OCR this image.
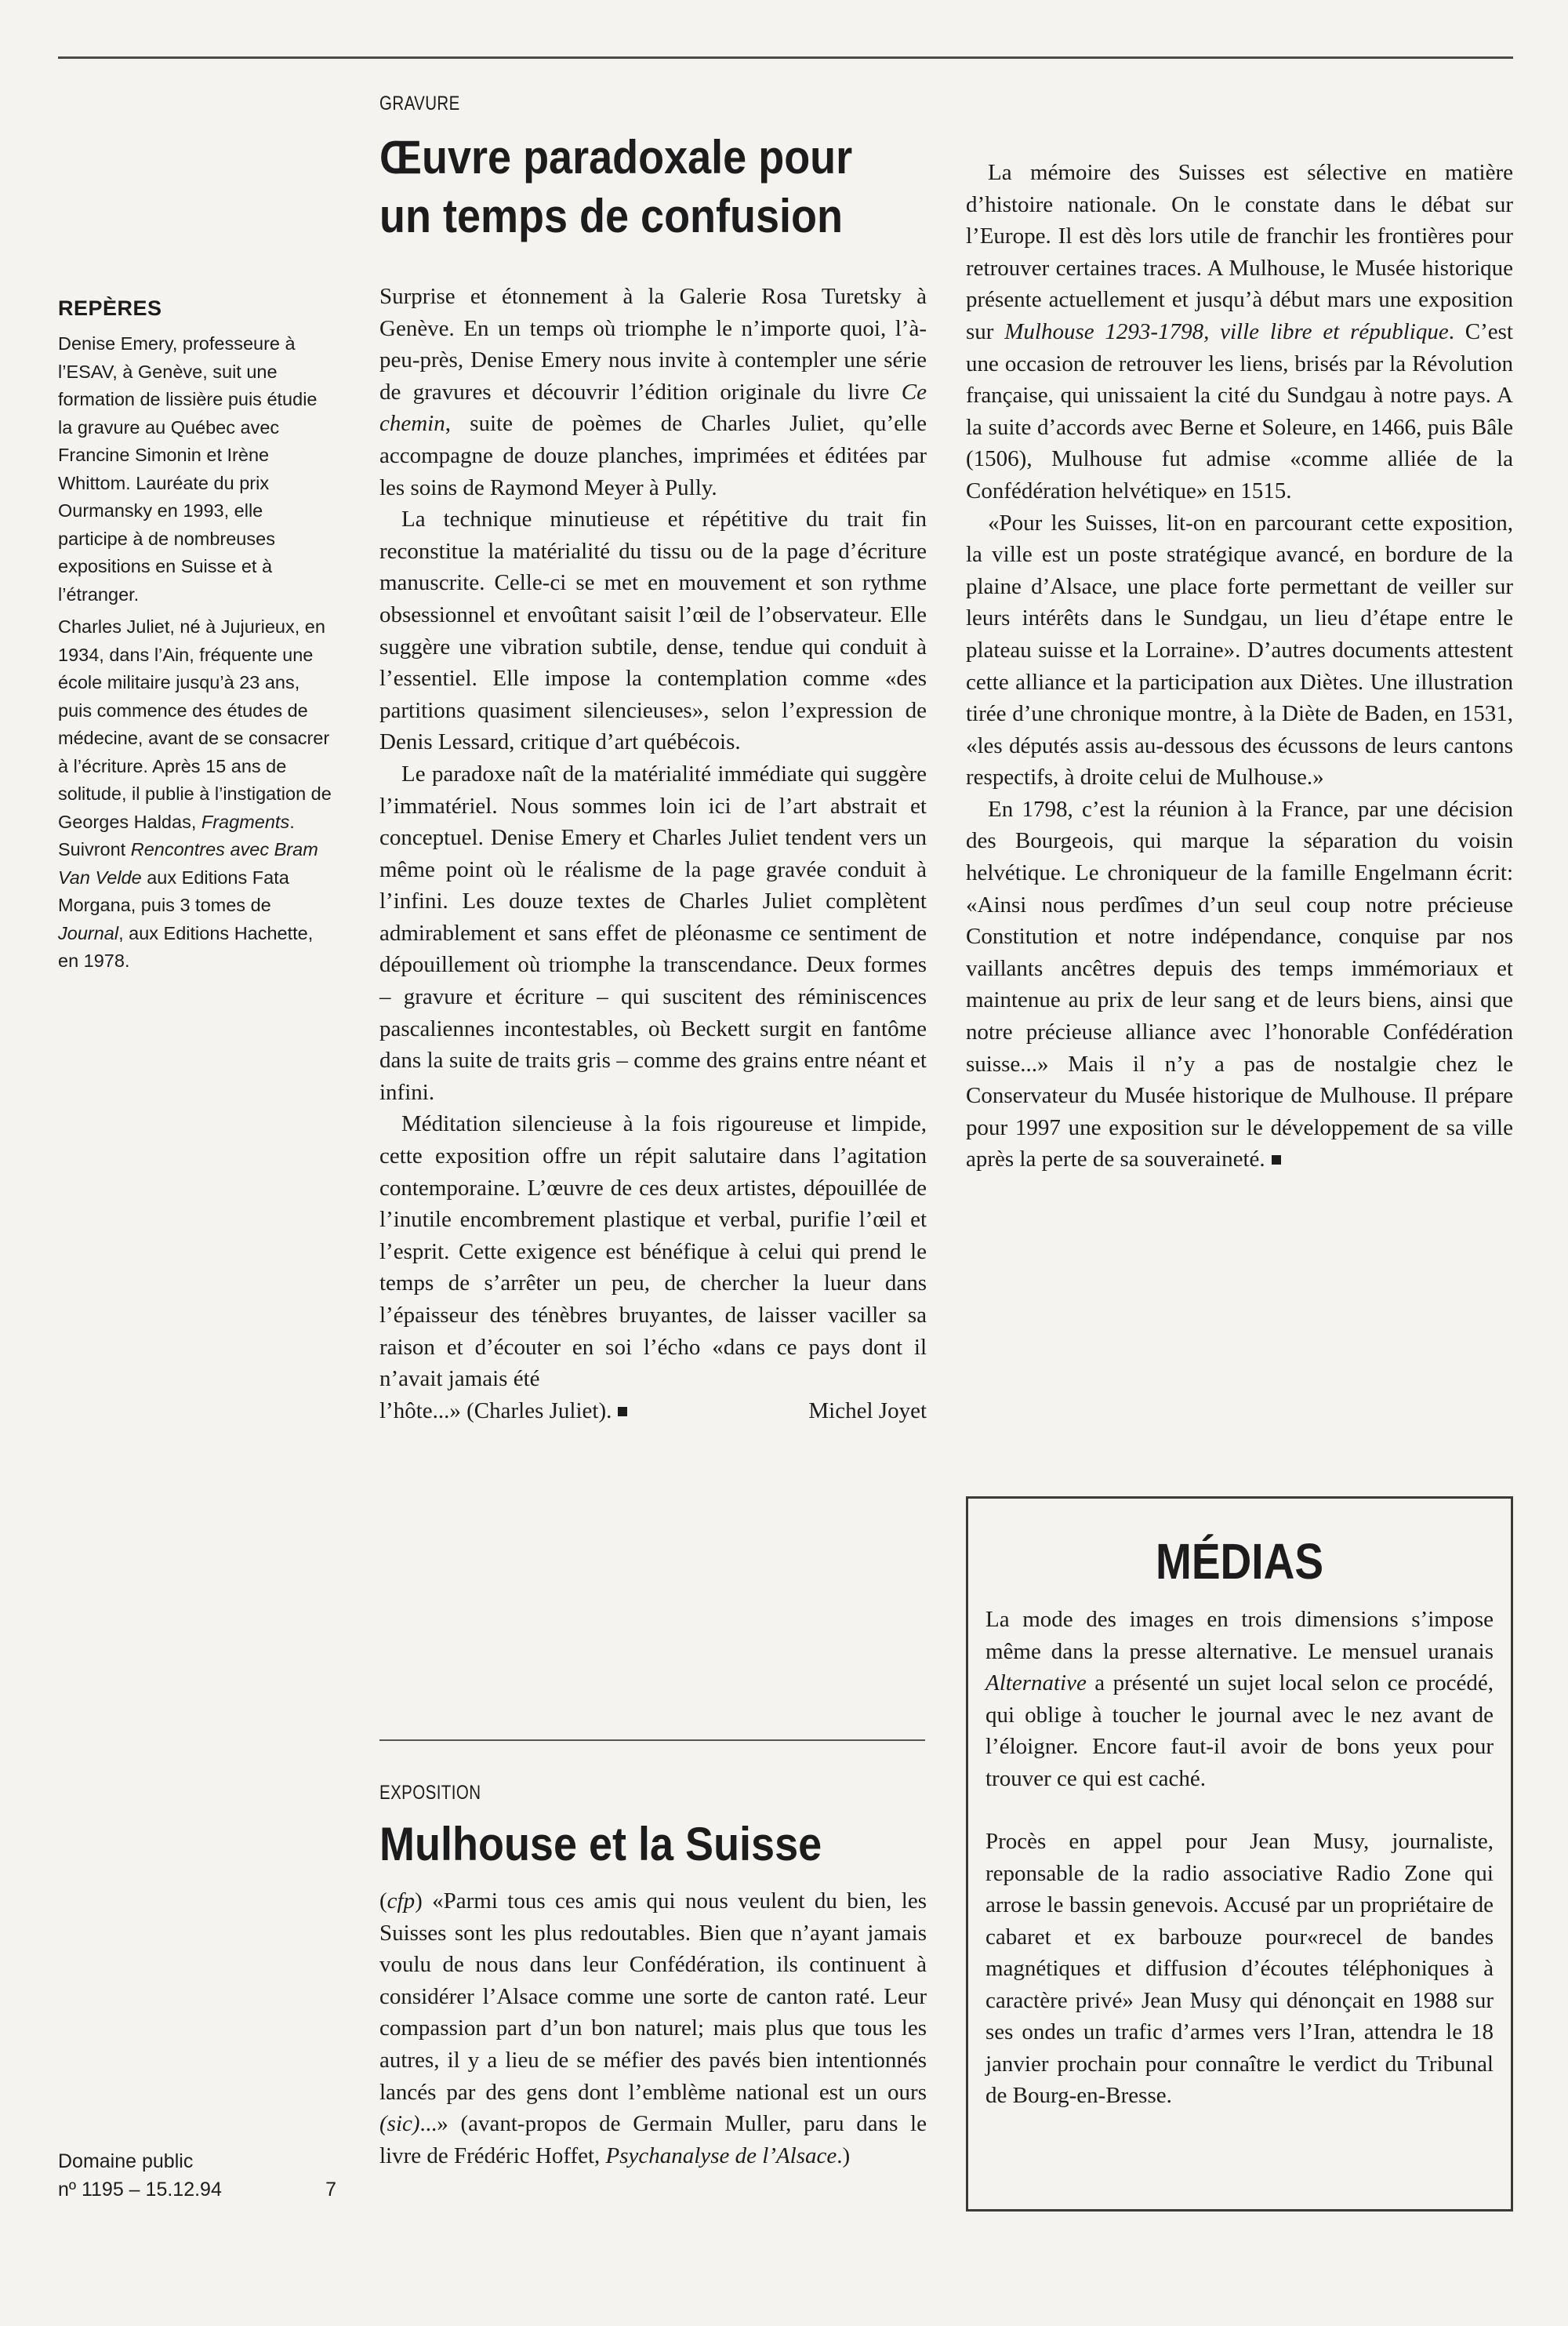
REPÈRES

Denise Emery, professeure à l’ESAV, à Genève, suit une formation de lissière puis étudie la gravure au Québec avec Francine Simonin et Irène Whittom. Lauréate du prix Ourmansky en 1993, elle participe à de nombreuses expositions en Suisse et à l’étranger.

Charles Juliet, né à Jujurieux, en 1934, dans l’Ain, fréquente une école militaire jusqu’à 23 ans, puis commence des études de médecine, avant de se consacrer à l’écriture. Après 15 ans de solitude, il publie à l’instigation de Georges Haldas, Fragments. Suivront Rencontres avec Bram Van Velde aux Editions Fata Morgana, puis 3 tomes de Journal, aux Editions Hachette, en 1978.

Domaine public
nº 1195 – 15.12.94	7
GRAVURE
Œuvre paradoxale pour
un temps de confusion

Surprise et étonnement à la Galerie Rosa Turetsky à Genève. En un temps où triomphe le n’importe quoi, l’à-peu-près, Denise Emery nous invite à contempler une série de gravures et découvrir l’édition originale du livre Ce chemin, suite de poèmes de Charles Juliet, qu’elle accompagne de douze planches, imprimées et éditées par les soins de Raymond Meyer à Pully.

La technique minutieuse et répétitive du trait fin reconstitue la matérialité du tissu ou de la page d’écriture manuscrite. Celle-ci se met en mouvement et son rythme obsessionnel et envoûtant saisit l’œil de l’observateur. Elle suggère une vibration subtile, dense, tendue qui conduit à l’essentiel. Elle impose la contemplation comme «des partitions quasiment silencieuses», selon l’expression de Denis Lessard, critique d’art québécois.

Le paradoxe naît de la matérialité immédiate qui suggère l’immatériel. Nous sommes loin ici de l’art abstrait et conceptuel. Denise Emery et Charles Juliet tendent vers un même point où le réalisme de la page gravée conduit à l’infini. Les douze textes de Charles Juliet complètent admirablement et sans effet de pléonasme ce sentiment de dépouillement où triomphe la transcendance. Deux formes – gravure et écriture – qui suscitent des réminiscences pascaliennes incontestables, où Beckett surgit en fantôme dans la suite de traits gris – comme des grains entre néant et infini.

Méditation silencieuse à la fois rigoureuse et limpide, cette exposition offre un répit salutaire dans l’agitation contemporaine. L’œuvre de ces deux artistes, dépouillée de l’inutile encombrement plastique et verbal, purifie l’œil et l’esprit. Cette exigence est bénéfique à celui qui prend le temps de s’arrêter un peu, de chercher la lueur dans l’épaisseur des ténèbres bruyantes, de laisser vaciller sa raison et d’écouter en soi l’écho «dans ce pays dont il n’avait jamais été

l’hôte...» (Charles Juliet).	Michel Joyet
EXPOSITION
Mulhouse et la Suisse

(cfp) «Parmi tous ces amis qui nous veulent du bien, les Suisses sont les plus redoutables. Bien que n’ayant jamais voulu de nous dans leur Confédération, ils continuent à considérer l’Alsace comme une sorte de canton raté. Leur compassion part d’un bon naturel; mais plus que tous les autres, il y a lieu de se méfier des pavés bien intentionnés lancés par des gens dont l’emblème national est un ours (sic)...» (avant-propos de Germain Muller, paru dans le livre de Frédéric Hoffet, Psychanalyse de l’Alsace.)

La mémoire des Suisses est sélective en matière d’histoire nationale. On le constate dans le débat sur l’Europe. Il est dès lors utile de franchir les frontières pour retrouver certaines traces. A Mulhouse, le Musée historique présente actuellement et jusqu’à début mars une exposition sur Mulhouse 1293-1798, ville libre et république. C’est une occasion de retrouver les liens, brisés par la Révolution française, qui unissaient la cité du Sundgau à notre pays. A la suite d’accords avec Berne et Soleure, en 1466, puis Bâle (1506), Mulhouse fut admise «comme alliée de la Confédération helvétique» en 1515.

«Pour les Suisses, lit-on en parcourant cette exposition, la ville est un poste stratégique avancé, en bordure de la plaine d’Alsace, une place forte permettant de veiller sur leurs intérêts dans le Sundgau, un lieu d’étape entre le plateau suisse et la Lorraine». D’autres documents attestent cette alliance et la participation aux Diètes. Une illustration tirée d’une chronique montre, à la Diète de Baden, en 1531, «les députés assis au-dessous des écussons de leurs cantons respectifs, à droite celui de Mulhouse.»

En 1798, c’est la réunion à la France, par une décision des Bourgeois, qui marque la séparation du voisin helvétique. Le chroniqueur de la famille Engelmann écrit: «Ainsi nous perdîmes d’un seul coup notre précieuse Constitution et notre indépendance, conquise par nos vaillants ancêtres depuis des temps immémoriaux et maintenue au prix de leur sang et de leurs biens, ainsi que notre précieuse alliance avec l’honorable Confédération suisse...» Mais il n’y a pas de nostalgie chez le Conservateur du Musée historique de Mulhouse. Il prépare pour 1997 une exposition sur le développement de sa ville après la perte de sa souveraineté.

MÉDIAS

La mode des images en trois dimensions s’impose même dans la presse alternative. Le mensuel uranais Alternative a présenté un sujet local selon ce procédé, qui oblige à toucher le journal avec le nez avant de l’éloigner. Encore faut-il avoir de bons yeux pour trouver ce qui est caché.

Procès en appel pour Jean Musy, journaliste, reponsable de la radio associative Radio Zone qui arrose le bassin genevois. Accusé par un propriétaire de cabaret et ex barbouze pour«recel de bandes magnétiques et diffusion d’écoutes téléphoniques à caractère privé» Jean Musy qui dénonçait en 1988 sur ses ondes un trafic d’armes vers l’Iran, attendra le 18 janvier prochain pour connaître le verdict du Tribunal de Bourg-en-Bresse.
